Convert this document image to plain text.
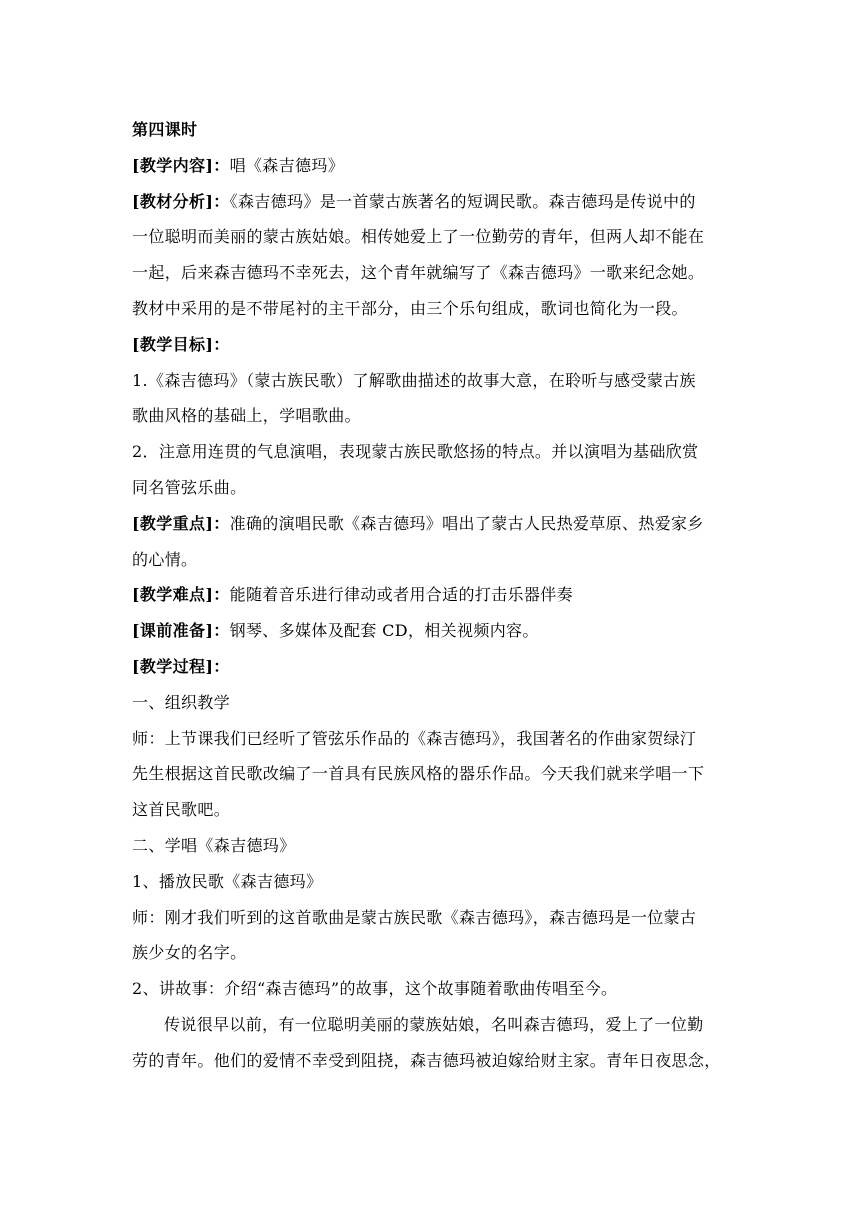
第四课时
[教学内容]：唱《森吉德玛》
[教材分析]：《森吉德玛》是一首蒙古族著名的短调民歌。森吉德玛是传说中的
一位聪明而美丽的蒙古族姑娘。相传她爱上了一位勤劳的青年，但两人却不能在
一起，后来森吉德玛不幸死去，这个青年就编写了《森吉德玛》一歌来纪念她。
教材中采用的是不带尾衬的主干部分，由三个乐句组成，歌词也简化为一段。
[教学目标]：
1.《森吉德玛》（蒙古族民歌）了解歌曲描述的故事大意，在聆听与感受蒙古族
歌曲风格的基础上，学唱歌曲。
2．注意用连贯的气息演唱，表现蒙古族民歌悠扬的特点。并以演唱为基础欣赏
同名管弦乐曲。
[教学重点]：准确的演唱民歌《森吉德玛》唱出了蒙古人民热爱草原、热爱家乡
的心情。
[教学难点]：能随着音乐进行律动或者用合适的打击乐器伴奏
[课前准备]：钢琴、多媒体及配套 CD，相关视频内容。
[教学过程]：
一、组织教学
师：上节课我们已经听了管弦乐作品的《森吉德玛》，我国著名的作曲家贺绿汀
先生根据这首民歌改编了一首具有民族风格的器乐作品。今天我们就来学唱一下
这首民歌吧。
二、学唱《森吉德玛》
1、播放民歌《森吉德玛》
师：刚才我们听到的这首歌曲是蒙古族民歌《森吉德玛》，森吉德玛是一位蒙古
族少女的名字。
2、讲故事：介绍“森吉德玛”的故事，这个故事随着歌曲传唱至今。
传说很早以前，有一位聪明美丽的蒙族姑娘，名叫森吉德玛，爱上了一位勤
劳的青年。他们的爱情不幸受到阻挠，森吉德玛被迫嫁给财主家。青年日夜思念，
